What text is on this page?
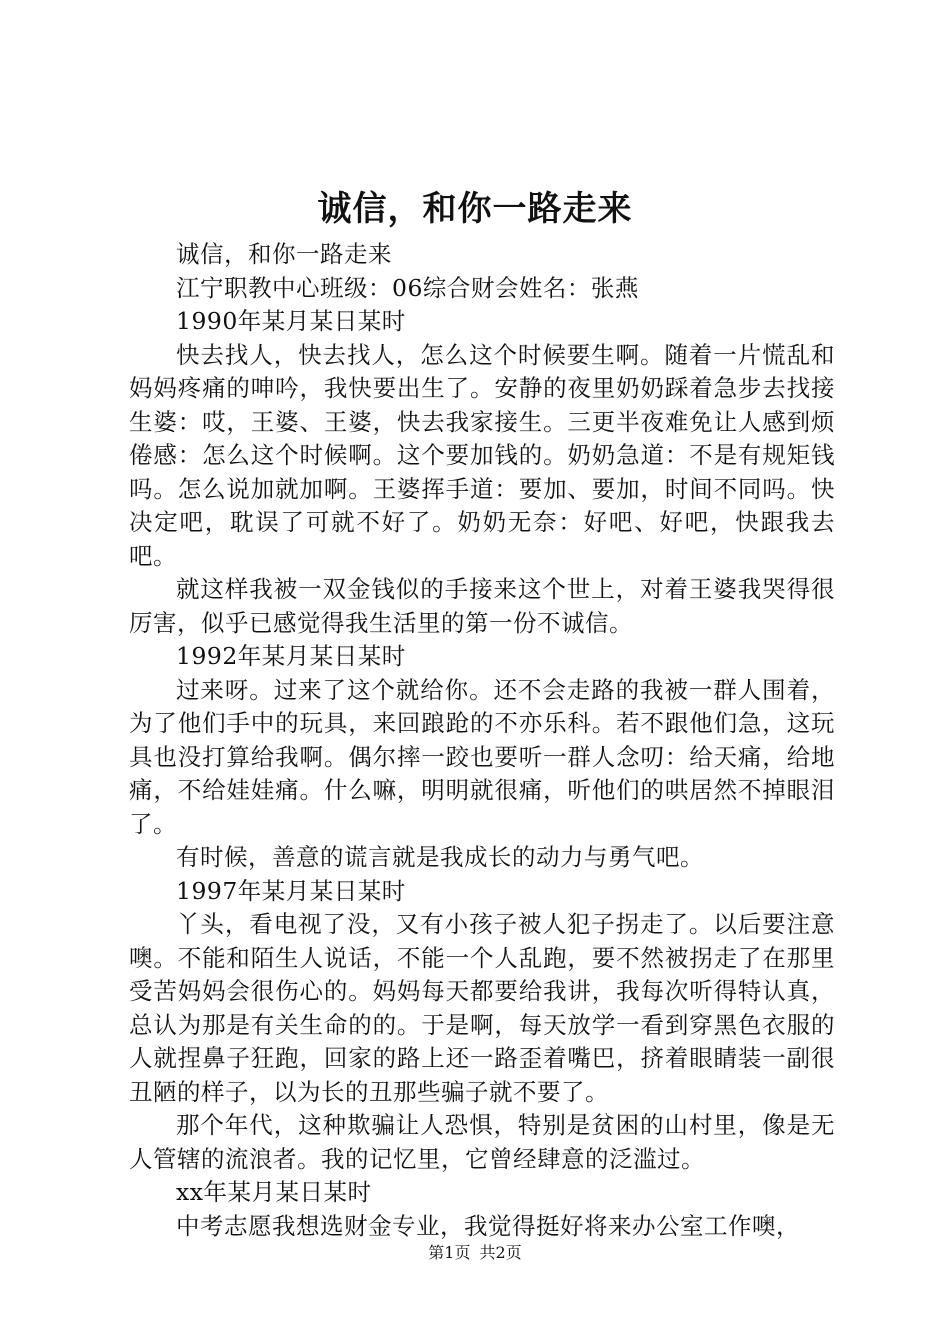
诚信，和你一路走来

诚信，和你一路走来

江宁职教中心班级：06综合财会姓名：张燕

1990年某月某日某时

快去找人，快去找人，怎么这个时候要生啊。随着一片慌乱和妈妈疼痛的呻吟，我快要出生了。安静的夜里奶奶踩着急步去找接生婆：哎，王婆、王婆，快去我家接生。三更半夜难免让人感到烦倦感：怎么这个时候啊。这个要加钱的。奶奶急道：不是有规矩钱吗。怎么说加就加啊。王婆挥手道：要加、要加，时间不同吗。快决定吧，耽误了可就不好了。奶奶无奈：好吧、好吧，快跟我去吧。

就这样我被一双金钱似的手接来这个世上，对着王婆我哭得很厉害，似乎已感觉得我生活里的第一份不诚信。

1992年某月某日某时

过来呀。过来了这个就给你。还不会走路的我被一群人围着，为了他们手中的玩具，来回踉跄的不亦乐科。若不跟他们急，这玩具也没打算给我啊。偶尔摔一跤也要听一群人念叨：给天痛，给地痛，不给娃娃痛。什么嘛，明明就很痛，听他们的哄居然不掉眼泪了。

有时候，善意的谎言就是我成长的动力与勇气吧。

1997年某月某日某时

丫头，看电视了没，又有小孩子被人犯子拐走了。以后要注意噢。不能和陌生人说话，不能一个人乱跑，要不然被拐走了在那里受苦妈妈会很伤心的。妈妈每天都要给我讲，我每次听得特认真，总认为那是有关生命的的。于是啊，每天放学一看到穿黑色衣服的人就捏鼻子狂跑，回家的路上还一路歪着嘴巴，挤着眼睛装一副很丑陋的样子，以为长的丑那些骗子就不要了。

那个年代，这种欺骗让人恐惧，特别是贫困的山村里，像是无人管辖的流浪者。我的记忆里，它曾经肆意的泛滥过。

xx年某月某日某时

中考志愿我想选财金专业，我觉得挺好将来办公室工作噢，

第1页 共2页
